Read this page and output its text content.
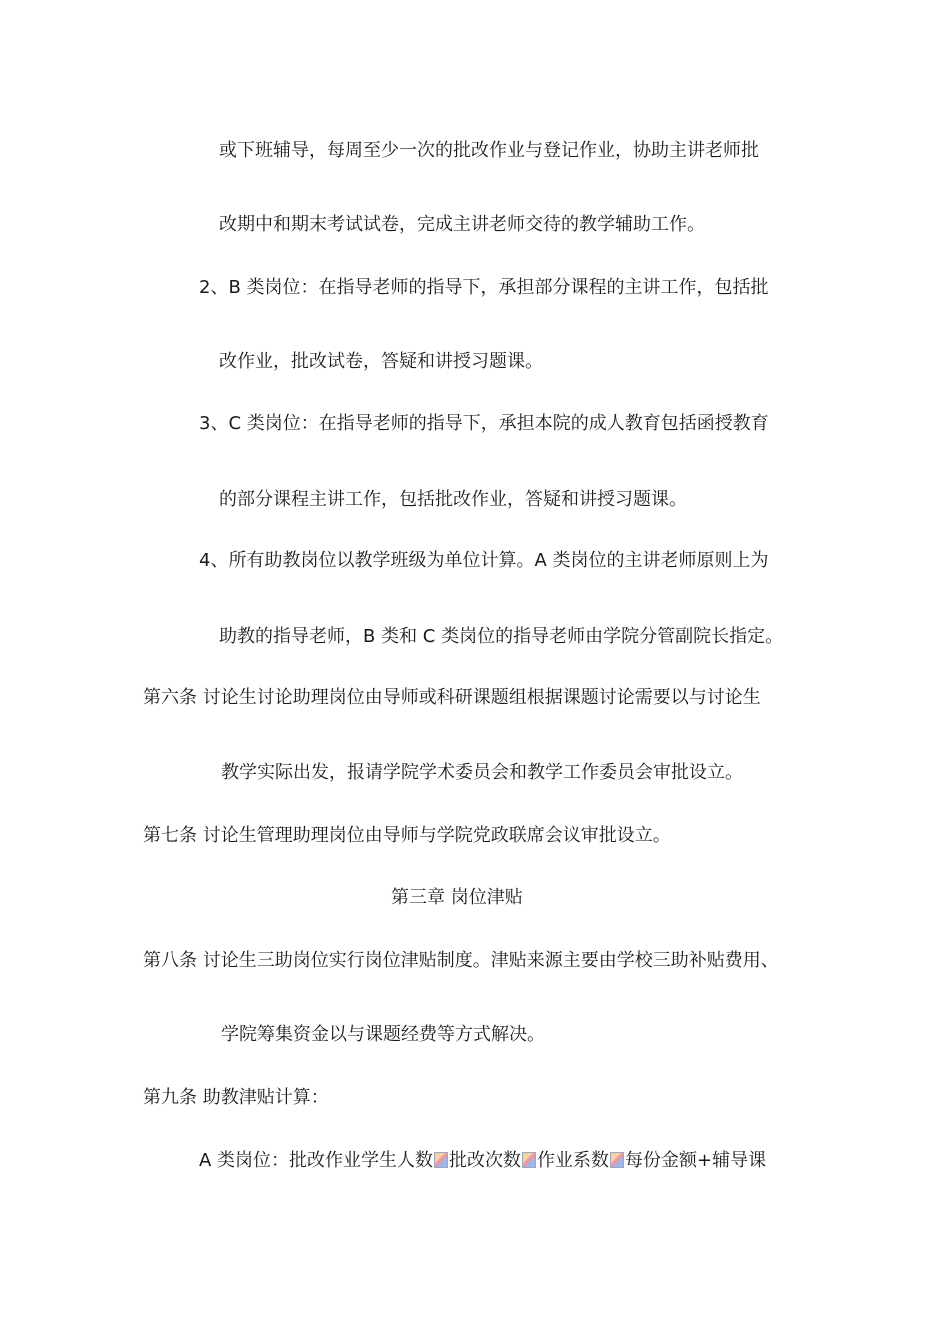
或下班辅导，每周至少一次的批改作业与登记作业，协助主讲老师批
改期中和期末考试试卷，完成主讲老师交待的教学辅助工作。
2、B 类岗位：在指导老师的指导下，承担部分课程的主讲工作，包括批
改作业，批改试卷，答疑和讲授习题课。
3、C 类岗位：在指导老师的指导下，承担本院的成人教育包括函授教育
的部分课程主讲工作，包括批改作业，答疑和讲授习题课。
4、所有助教岗位以教学班级为单位计算。A 类岗位的主讲老师原则上为
助教的指导老师，B 类和 C 类岗位的指导老师由学院分管副院长指定。
第六条 讨论生讨论助理岗位由导师或科研课题组根据课题讨论需要以与讨论生
教学实际出发，报请学院学术委员会和教学工作委员会审批设立。
第七条 讨论生管理助理岗位由导师与学院党政联席会议审批设立。
第三章 岗位津贴
第八条 讨论生三助岗位实行岗位津贴制度。津贴来源主要由学校三助补贴费用、
学院筹集资金以与课题经费等方式解决。
第九条 助教津贴计算：
A 类岗位：批改作业学生人数 批改次数 作业系数 每份金额+辅导课
